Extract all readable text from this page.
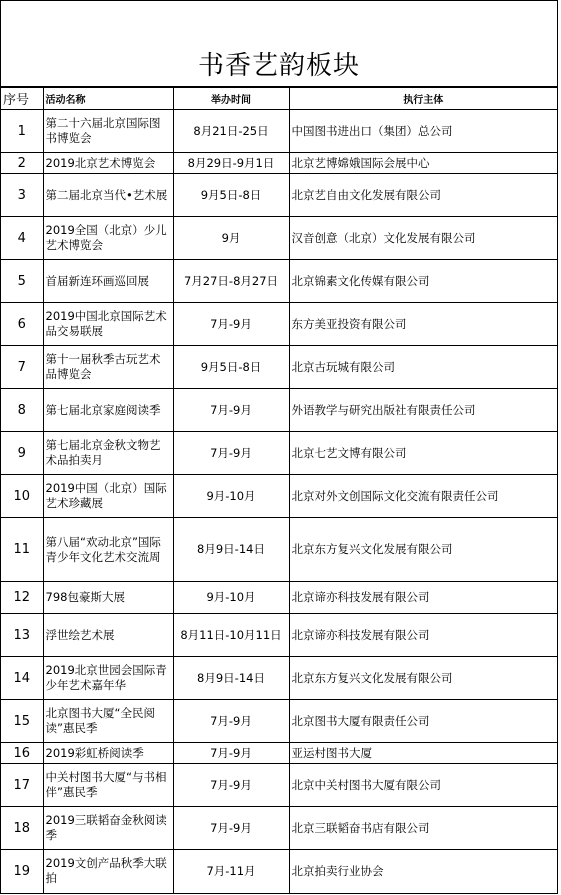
书香艺韵板块
序号	活动名称	举办时间	执行主体
1	第二十六届北京国际图书博览会	8月21日-25日	中国图书进出口（集团）总公司
2	2019北京艺术博览会	8月29日-9月1日	北京艺博嫦娥国际会展中心
3	第二届北京当代•艺术展	9月5日-8日	北京艺自由文化发展有限公司
4	2019全国（北京）少儿艺术博览会	9月	汉音创意（北京）文化发展有限公司
5	首届新连环画巡回展	7月27日-8月27日	北京锦素文化传媒有限公司
6	2019中国北京国际艺术品交易联展	7月-9月	东方美亚投资有限公司
7	第十一届秋季古玩艺术品博览会	9月5日-8日	北京古玩城有限公司
8	第七届北京家庭阅读季	7月-9月	外语教学与研究出版社有限责任公司
9	第七届北京金秋文物艺术品拍卖月	7月-9月	北京七艺文博有限公司
10	2019中国（北京）国际艺术珍藏展	9月-10月	北京对外文创国际文化交流有限责任公司
11	第八届“欢动北京”国际青少年文化艺术交流周	8月9日-14日	北京东方复兴文化发展有限公司
12	798包豪斯大展	9月-10月	北京谛亦科技发展有限公司
13	浮世绘艺术展	8月11日-10月11日	北京谛亦科技发展有限公司
14	2019北京世园会国际青少年艺术嘉年华	8月9日-14日	北京东方复兴文化发展有限公司
15	北京图书大厦“全民阅读”惠民季	7月-9月	北京图书大厦有限责任公司
16	2019彩虹桥阅读季	7月-9月	亚运村图书大厦
17	中关村图书大厦“与书相伴”惠民季	7月-9月	北京中关村图书大厦有限公司
18	2019三联韬奋金秋阅读季	7月-9月	北京三联韬奋书店有限公司
19	2019文创产品秋季大联拍	7月-11月	北京拍卖行业协会
